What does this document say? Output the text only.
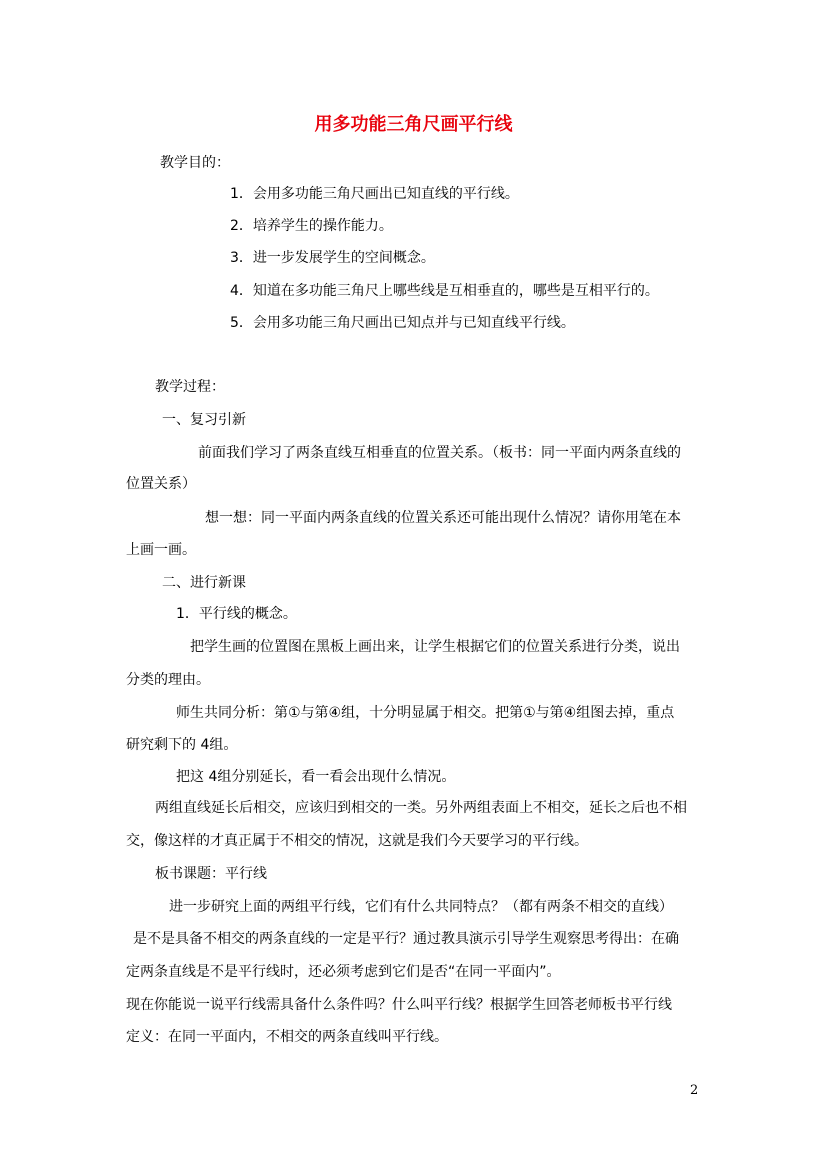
用多功能三角尺画平行线
教学目的：
1．会用多功能三角尺画出已知直线的平行线。
2．培养学生的操作能力。
3．进一步发展学生的空间概念。
4．知道在多功能三角尺上哪些线是互相垂直的，哪些是互相平行的。
5．会用多功能三角尺画出已知点并与已知直线平行线。
教学过程：
一、复习引新
前面我们学习了两条直线互相垂直的位置关系。（板书：同一平面内两条直线的
位置关系）
想一想：同一平面内两条直线的位置关系还可能出现什么情况？请你用笔在本
上画一画。
二、进行新课
1．平行线的概念。
把学生画的位置图在黑板上画出来，让学生根据它们的位置关系进行分类，说出
分类的理由。
师生共同分析：第①与第④组，十分明显属于相交。把第①与第④组图去掉，重点
研究剩下的 4组。
把这 4组分别延长，看一看会出现什么情况。
两组直线延长后相交，应该归到相交的一类。另外两组表面上不相交，延长之后也不相
交，像这样的才真正属于不相交的情况，这就是我们今天要学习的平行线。
板书课题：平行线
进一步研究上面的两组平行线，它们有什么共同特点？（都有两条不相交的直线）
是不是具备不相交的两条直线的一定是平行？通过教具演示引导学生观察思考得出：在确
定两条直线是不是平行线时，还必须考虑到它们是否“在同一平面内”。
现在你能说一说平行线需具备什么条件吗？什么叫平行线？根据学生回答老师板书平行线
定义：在同一平面内，不相交的两条直线叫平行线。
2
